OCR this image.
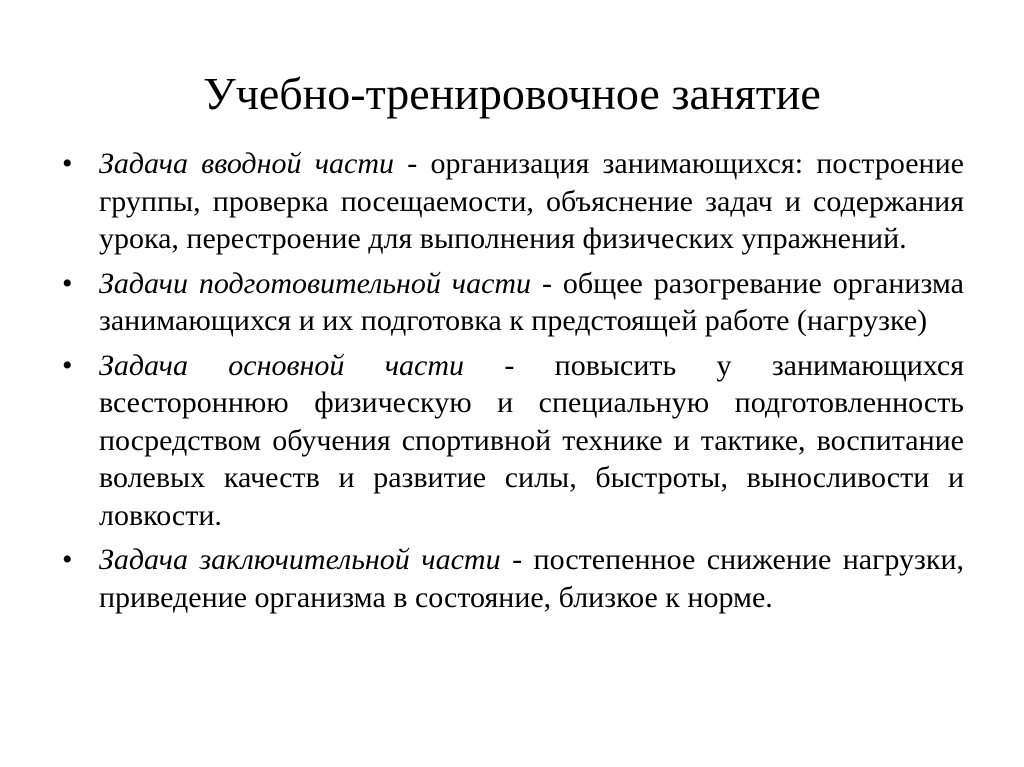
Учебно-тренировочное занятие
• Задача вводной части - организация занимающихся: построение группы, проверка посещаемости, объяснение задач и содержания урока, перестроение для выполнения физических упражнений.
• Задачи подготовительной части - общее разогревание организма занимающихся и их подготовка к предстоящей работе (нагрузке)
• Задача основной части - повысить у занимающихся всестороннюю физическую и специальную подготовленность посредством обучения спортивной технике и тактике, воспитание волевых качеств и развитие силы, быстроты, выносливости и ловкости.
• Задача заключительной части - постепенное снижение нагрузки, приведение организма в состояние, близкое к норме.
